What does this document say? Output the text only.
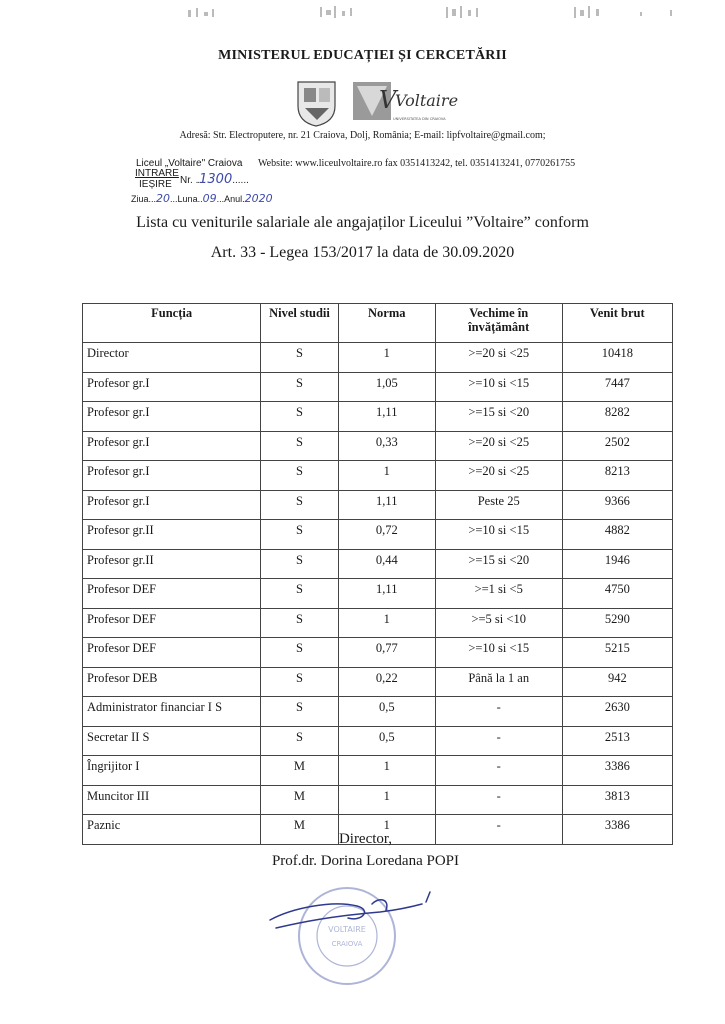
MINISTERUL EDUCAȚIEI ȘI CERCETĂRII
V
Voltaire
UNIVERSITATEA DIN CRAIOVA
Adresă: Str. Electroputere, nr. 21 Craiova, Dolj, România; E-mail: lipfvoltaire@gmail.com;
Liceul „Voltaire" Craiova Website: www.liceulvoltaire.ro fax 0351413242, tel. 0351413241, 0770261755
INTRARE
IEȘIRE Nr. ..1300......
Ziua...20...Luna..09...Anul.2020
Lista cu veniturile salariale ale angajaților Liceului ”Voltaire” conform
Art. 33 - Legea 153/2017 la data de 30.09.2020
Funcția	Nivel studii	Norma	Vechime în învățământ	Venit brut
Director	S	1	>=20 si <25	10418
Profesor gr.I	S	1,05	>=10 si <15	7447
Profesor gr.I	S	1,11	>=15 si <20	8282
Profesor gr.I	S	0,33	>=20 si <25	2502
Profesor gr.I	S	1	>=20 si <25	8213
Profesor gr.I	S	1,11	Peste 25	9366
Profesor gr.II	S	0,72	>=10 si <15	4882
Profesor gr.II	S	0,44	>=15 si <20	1946
Profesor DEF	S	1,11	>=1 si <5	4750
Profesor DEF	S	1	>=5 si <10	5290
Profesor DEF	S	0,77	>=10 si <15	5215
Profesor DEB	S	0,22	Până la 1 an	942
Administrator financiar I S	S	0,5	-	2630
Secretar II S	S	0,5	-	2513
Îngrijitor I	M	1	-	3386
Muncitor III	M	1	-	3813
Paznic	M	1	-	3386
Director,
Prof.dr. Dorina Loredana POPI
VOLTAIRE
CRAIOVA
